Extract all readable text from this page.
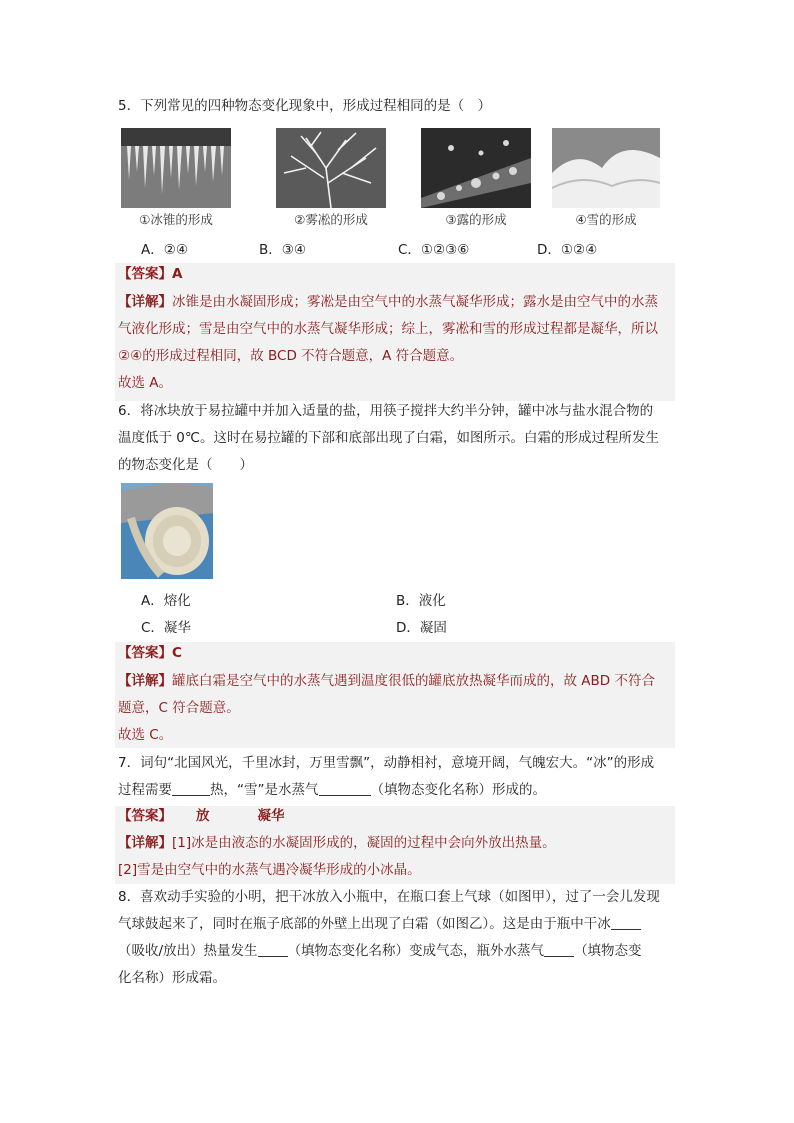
5．下列常见的四种物态变化现象中，形成过程相同的是（　）
①冰锥的形成	②雾凇的形成	③露的形成	④雪的形成
A．②④	B．③④	C．①②③⑥	D．①②④
【答案】A
【详解】冰锥是由水凝固形成；雾凇是由空气中的水蒸气凝华形成；露水是由空气中的水蒸
气液化形成；雪是由空气中的水蒸气凝华形成；综上，雾凇和雪的形成过程都是凝华，所以
②④的形成过程相同，故 BCD 不符合题意，A 符合题意。
故选 A。
6．将冰块放于易拉罐中并加入适量的盐，用筷子搅拌大约半分钟，罐中冰与盐水混合物的
温度低于 0℃。这时在易拉罐的下部和底部出现了白霜，如图所示。白霜的形成过程所发生
的物态变化是（　　）
A．熔化	B．液化
C．凝华	D．凝固
【答案】C
【详解】罐底白霜是空气中的水蒸气遇到温度很低的罐底放热凝华而成的，故 ABD 不符合
题意，C 符合题意。
故选 C。
7．词句“北国风光，千里冰封，万里雪飘”，动静相衬，意境开阔，气魄宏大。“冰”的形成
过程需要	热，“雪”是水蒸气	（填物态变化名称）形成的。
【答案】 放	凝华
【详解】[1]冰是由液态的水凝固形成的，凝固的过程中会向外放出热量。
[2]雪是由空气中的水蒸气遇冷凝华形成的小冰晶。
8．喜欢动手实验的小明，把干冰放入小瓶中，在瓶口套上气球（如图甲），过了一会儿发现
气球鼓起来了，同时在瓶子底部的外壁上出现了白霜（如图乙）。这是由于瓶中干冰
（吸收/放出）热量发生 （填物态变化名称）变成气态，瓶外水蒸气 （填物态变
化名称）形成霜。
